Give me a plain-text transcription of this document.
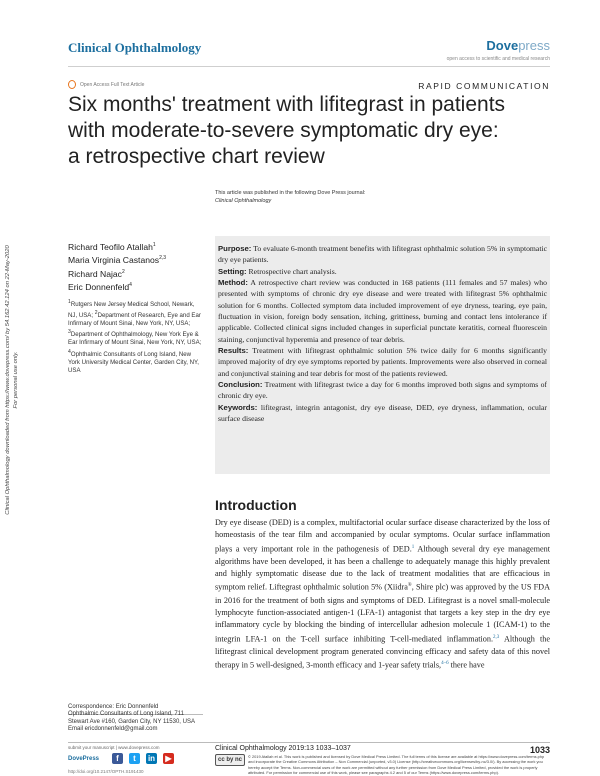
Clinical Ophthalmology	Dovepress
open access to scientific and medical research
Open Access Full Text Article	RAPID COMMUNICATION
Six months' treatment with lifitegrast in patients
with moderate-to-severe symptomatic dry eye:
a retrospective chart review
This article was published in the following Dove Press journal:
Clinical Ophthalmology
Richard Teofilo Atallah$^1$
Maria Virginia Castanos$^{2,3}$
Richard Najac$^2$
Eric Donnenfeld$^4$
$^1$Rutgers New Jersey Medical School, Newark, NJ, USA; $^2$Department of Research, Eye and Ear Infirmary of Mount Sinai, New York, NY, USA; $^3$Department of Ophthalmology, New York Eye & Ear Infirmary of Mount Sinai, New York, NY, USA; $^4$Ophthalmic Consultants of Long Island, New York University Medical Center, Garden City, NY, USA
Clinical Ophthalmology downloaded from https://www.dovepress.com/ by 54.162.42.124 on 22-May-2020 For personal use only.

Purpose: To evaluate 6-month treatment benefits with lifitegrast ophthalmic solution 5% in symptomatic dry eye patients.

Setting: Retrospective chart analysis.

Method: A retrospective chart review was conducted in 168 patients (111 females and 57 males) who presented with symptoms of chronic dry eye disease and were treated with lifitegrast 5% ophthalmic solution for 6 months. Collected symptom data included improvement of eye dryness, tearing, eye pain, fluctuation in vision, foreign body sensation, itching, grittiness, burning and contact lens intolerance if applicable. Collected clinical signs included changes in superficial punctate keratitis, corneal fluorescein staining, conjunctival hyperemia and presence of tear debris.

Results: Treatment with lifitegrast ophthalmic solution 5% twice daily for 6 months significantly improved majority of dry eye symptoms reported by patients. Improvements were also observed in corneal and conjunctival staining and tear debris for most of the patients reviewed.

Conclusion: Treatment with lifitegrast twice a day for 6 months improved both signs and symptoms of chronic dry eye.

Keywords: lifitegrast, integrin antagonist, dry eye disease, DED, eye dryness, inflammation, ocular surface disease

Introduction
Dry eye disease (DED) is a complex, multifactorial ocular surface disease characterized by the loss of homeostasis of the tear film and accompanied by ocular symptoms. Ocular surface inflammation plays a very important role in the pathogenesis of DED.$^1$ Although several dry eye management algorithms have been developed, it has been a challenge to adequately manage this highly prevalent and highly symptomatic disease due to the lack of treatment modalities that are efficacious in symptom relief. Liftegrast ophthalmic solution 5% (Xiidra®, Shire plc) was approved by the US FDA in 2016 for the treatment of both signs and symptoms of DED. Lifitegrast is a novel small-molecule lymphocyte function-associated antigen-1 (LFA-1) antagonist that targets a key step in the dry eye inflammatory cycle by blocking the binding of intercellular adhesion molecule 1 (ICAM-1) to the integrin LFA-1 on the T-cell surface inhibiting T-cell-mediated inflammation.$^{2,3}$ Although the lifitegrast clinical development program generated convincing efficacy and safety data of this novel therapy in 5 well-designed, 3-month efficacy and 1-year safety trials,$^{4-6}$ there have
Correspondence: Eric Donnenfeld
Ophthalmic Consultants of Long Island, 711 Stewart Ave #160, Garden City, NY 11530, USA
Email ericdonnenfeld@gmail.com
submit your manuscript | www.dovepress.com
DovePress	f	t	in	▶
http://doi.org/10.2147/OPTH.S191430
Clinical Ophthalmology 2019:13 1033–1037	1033
cc by nc
© 2019 Atallah et al. This work is published and licensed by Dove Medical Press Limited. The full terms of this license are available at https://www.dovepress.com/terms.php and incorporate the Creative Commons Attribution – Non Commercial (unported, v3.0) License (http://creativecommons.org/licenses/by-nc/3.0/). By accessing the work you hereby accept the Terms. Non-commercial uses of the work are permitted without any further permission from Dove Medical Press Limited, provided the work is properly attributed. For permission for commercial use of this work, please see paragraphs 4.2 and 5 of our Terms (https://www.dovepress.com/terms.php).
